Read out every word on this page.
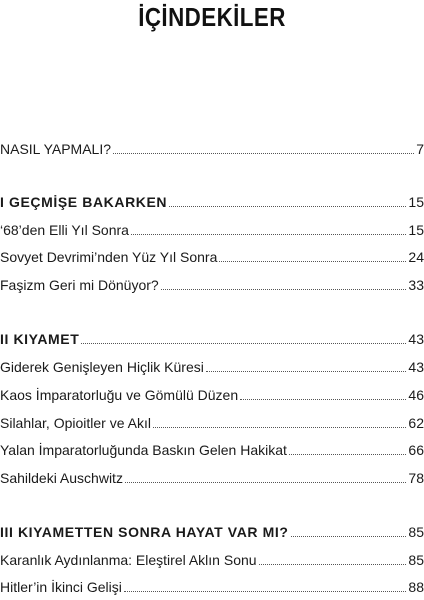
İÇİNDEKİLER
NASIL YAPMALI?	7
I GEÇMİŞE BAKARKEN	15
‘68’den Elli Yıl Sonra	15
Sovyet Devrimi’nden Yüz Yıl Sonra	24
Faşizm Geri mi Dönüyor?	33
II KIYAMET	43
Giderek Genişleyen Hiçlik Küresi	43
Kaos İmparatorluğu ve Gömülü Düzen	46
Silahlar, Opioitler ve Akıl	62
Yalan İmparatorluğunda Baskın Gelen Hakikat	66
Sahildeki Auschwitz	78
III KIYAMETTEN SONRA HAYAT VAR MI?	85
Karanlık Aydınlanma: Eleştirel Aklın Sonu	85
Hitler’in İkinci Gelişi	88
